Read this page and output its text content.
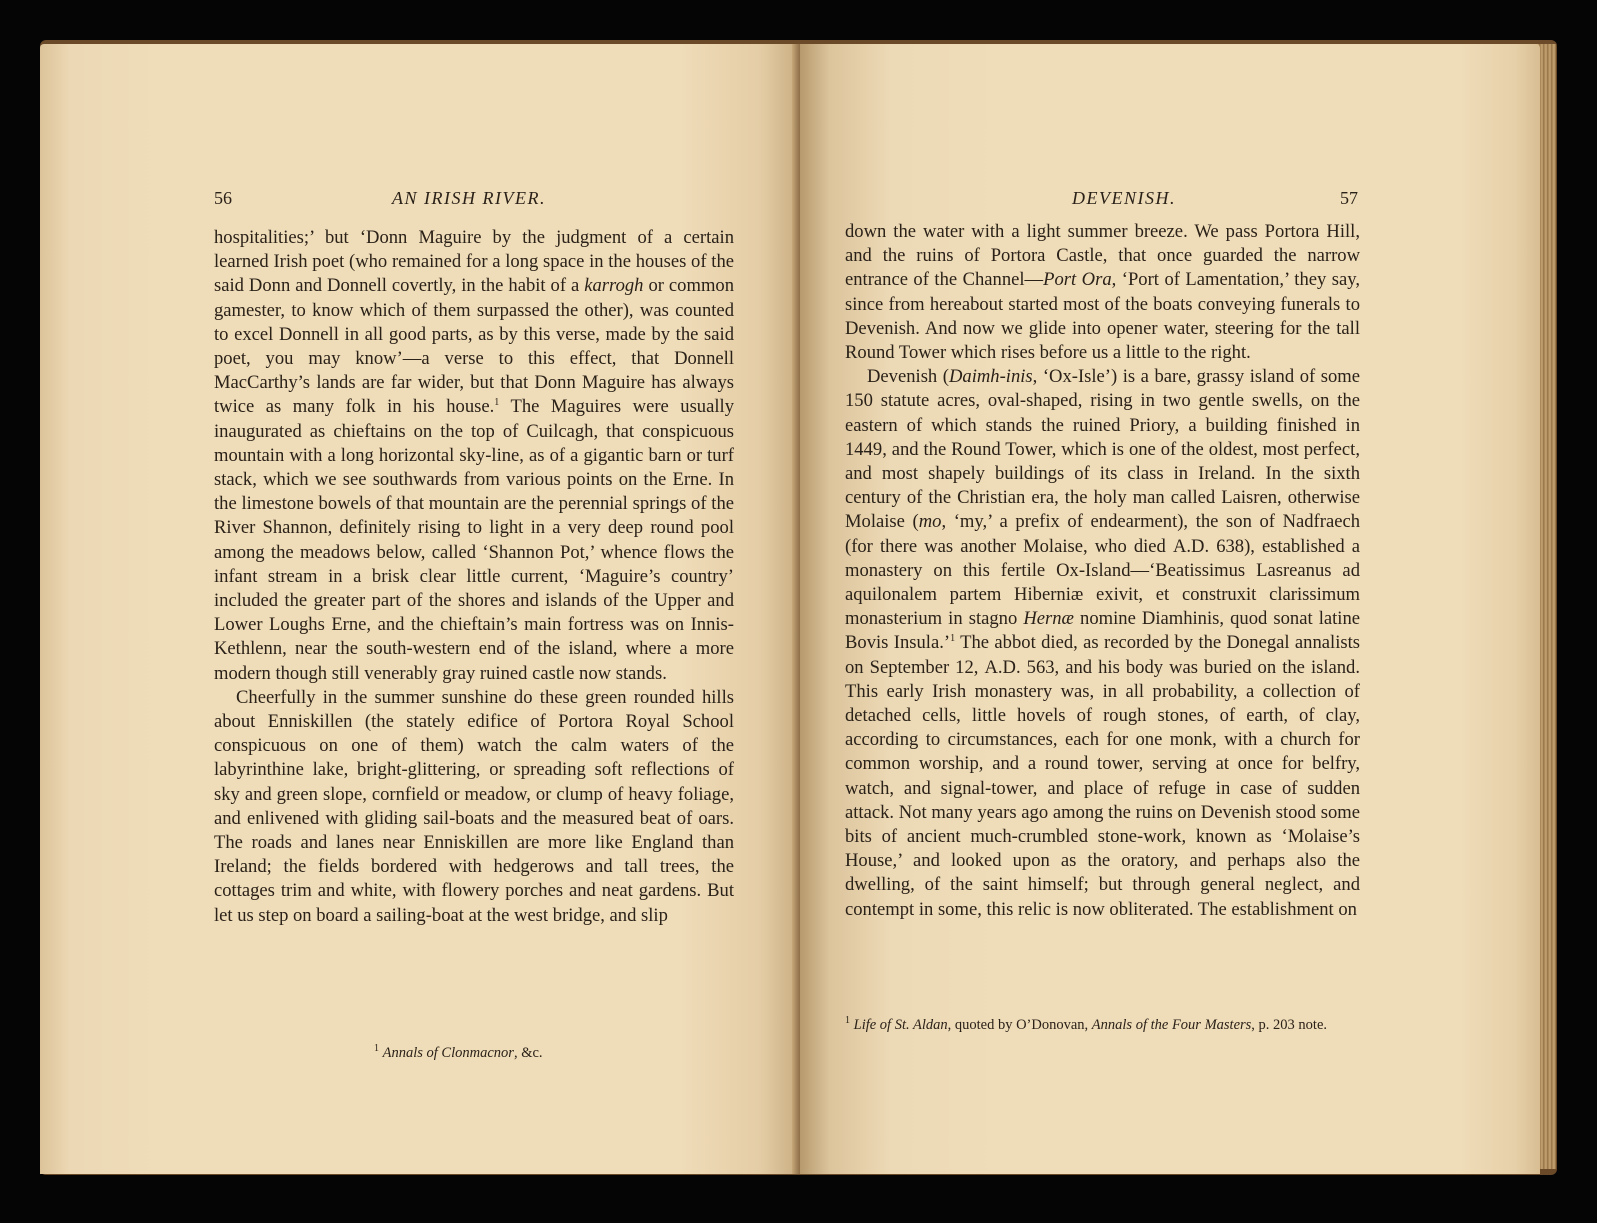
56	AN IRISH RIVER.

hospitalities;’ but ‘Donn Maguire by the judgment of a certain learned Irish poet (who remained for a long space in the houses of the said Donn and Donnell covertly, in the habit of a karrogh or common gamester, to know which of them surpassed the other), was counted to excel Donnell in all good parts, as by this verse, made by the said poet, you may know’—a verse to this effect, that Donnell MacCarthy’s lands are far wider, but that Donn Maguire has always twice as many folk in his house.$^1$ The Maguires were usually inaugurated as chieftains on the top of Cuilcagh, that conspicuous mountain with a long horizontal sky-line, as of a gigantic barn or turf stack, which we see southwards from various points on the Erne. In the limestone bowels of that mountain are the perennial springs of the River Shannon, definitely rising to light in a very deep round pool among the meadows below, called ‘Shannon Pot,’ whence flows the infant stream in a brisk clear little current, ‘Maguire’s country’ included the greater part of the shores and islands of the Upper and Lower Loughs Erne, and the chieftain’s main fortress was on Innis-Kethlenn, near the south-western end of the island, where a more modern though still venerably gray ruined castle now stands.

Cheerfully in the summer sunshine do these green rounded hills about Enniskillen (the stately edifice of Portora Royal School conspicuous on one of them) watch the calm waters of the labyrinthine lake, bright-glittering, or spreading soft reflections of sky and green slope, cornfield or meadow, or clump of heavy foliage, and enlivened with gliding sail-boats and the measured beat of oars. The roads and lanes near Enniskillen are more like England than Ireland; the fields bordered with hedgerows and tall trees, the cottages trim and white, with flowery porches and neat gardens. But let us step on board a sailing-boat at the west bridge, and slip

$^1$ Annals of Clonmacnor, &c.
DEVENISH.	57

down the water with a light summer breeze. We pass Portora Hill, and the ruins of Portora Castle, that once guarded the narrow entrance of the Channel—Port Ora, ‘Port of Lamentation,’ they say, since from hereabout started most of the boats conveying funerals to Devenish. And now we glide into opener water, steering for the tall Round Tower which rises before us a little to the right.

Devenish (Daimh-inis, ‘Ox-Isle’) is a bare, grassy island of some 150 statute acres, oval-shaped, rising in two gentle swells, on the eastern of which stands the ruined Priory, a building finished in 1449, and the Round Tower, which is one of the oldest, most perfect, and most shapely buildings of its class in Ireland. In the sixth century of the Christian era, the holy man called Laisren, otherwise Molaise (mo, ‘my,’ a prefix of endearment), the son of Nadfraech (for there was another Molaise, who died A.D. 638), established a monastery on this fertile Ox-Island—‘Beatissimus Lasreanus ad aquilonalem partem Hiberniæ exivit, et construxit clarissimum monasterium in stagno Hernæ nomine Diamhinis, quod sonat latine Bovis Insula.’$^1$ The abbot died, as recorded by the Donegal annalists on September 12, A.D. 563, and his body was buried on the island. This early Irish monastery was, in all probability, a collection of detached cells, little hovels of rough stones, of earth, of clay, according to circumstances, each for one monk, with a church for common worship, and a round tower, serving at once for belfry, watch, and signal-tower, and place of refuge in case of sudden attack. Not many years ago among the ruins on Devenish stood some bits of ancient much-crumbled stone-work, known as ‘Molaise’s House,’ and looked upon as the oratory, and perhaps also the dwelling, of the saint himself; but through general neglect, and contempt in some, this relic is now obliterated. The establishment on

$^1$ Life of St. Aldan, quoted by O’Donovan, Annals of the Four Masters, p. 203 note.
